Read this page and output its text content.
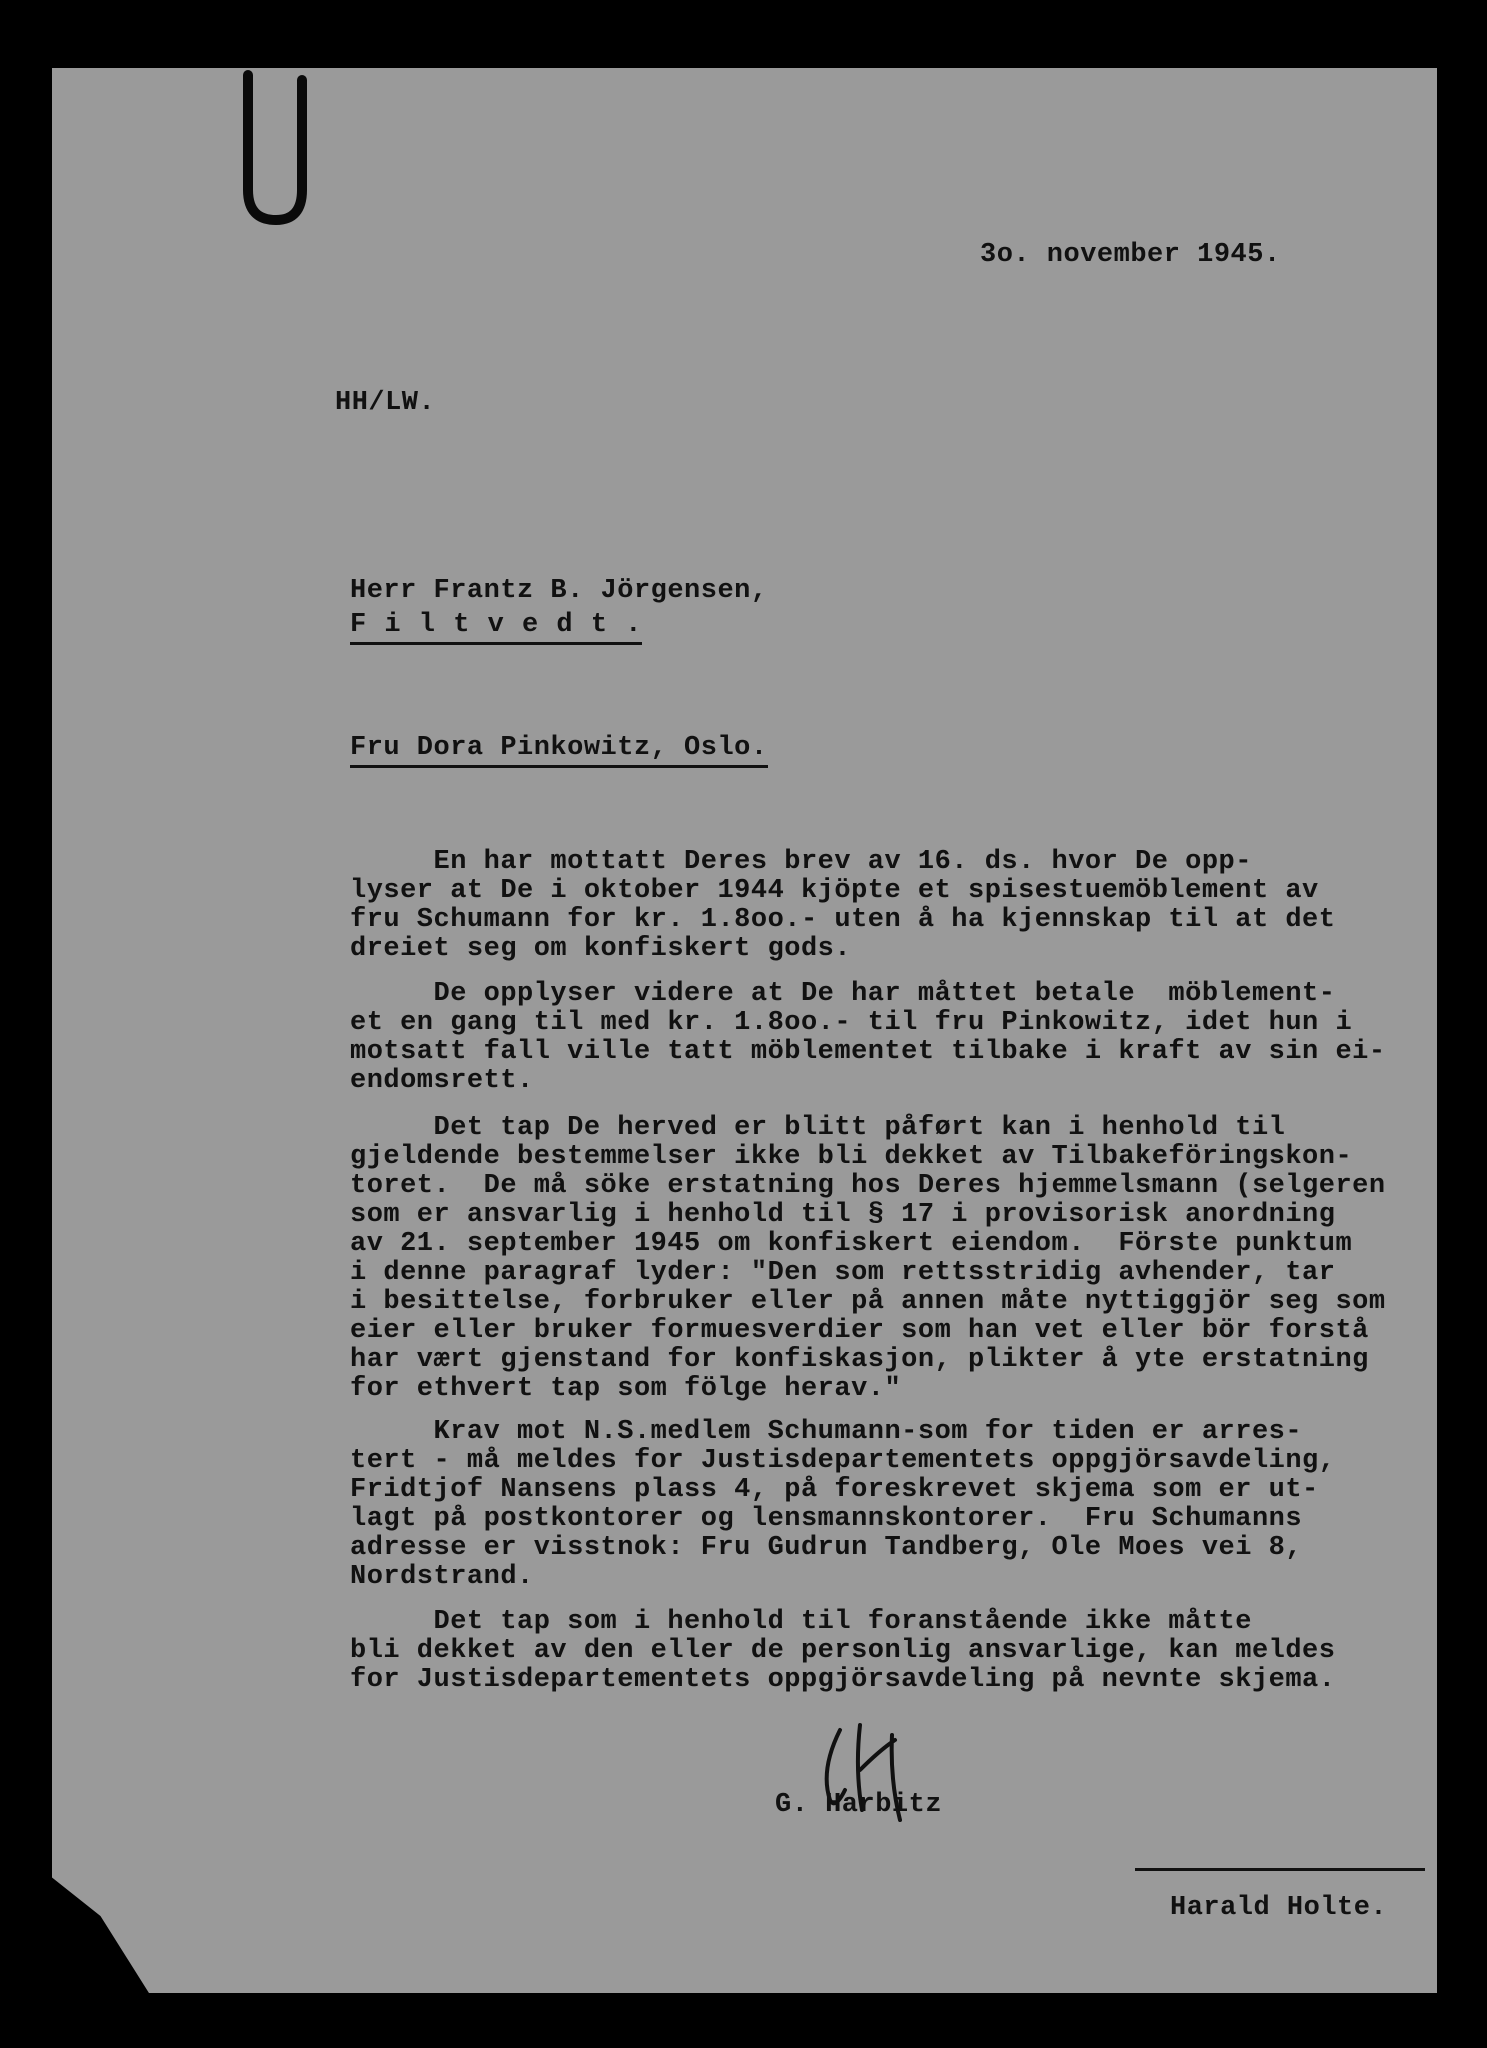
3o. november 1945.
HH/LW.
Herr Frantz B. Jörgensen,
F i l t v e d t .
Fru Dora Pinkowitz, Oslo.
En har mottatt Deres brev av 16. ds. hvor De opp-
lyser at De i oktober 1944 kjöpte et spisestuemöblement av
fru Schumann for kr. 1.8oo.- uten å ha kjennskap til at det
dreiet seg om konfiskert gods.
De opplyser videre at De har måttet betale  möblement-
et en gang til med kr. 1.8oo.- til fru Pinkowitz, idet hun i
motsatt fall ville tatt möblementet tilbake i kraft av sin ei-
endomsrett.
Det tap De herved er blitt påført kan i henhold til
gjeldende bestemmelser ikke bli dekket av Tilbakeföringskon-
toret.  De må söke erstatning hos Deres hjemmelsmann (selgeren
som er ansvarlig i henhold til § 17 i provisorisk anordning
av 21. september 1945 om konfiskert eiendom.  Förste punktum
i denne paragraf lyder: "Den som rettsstridig avhender, tar
i besittelse, forbruker eller på annen måte nyttiggjör seg som
eier eller bruker formuesverdier som han vet eller bör forstå
har vært gjenstand for konfiskasjon, plikter å yte erstatning
for ethvert tap som fölge herav."
Krav mot N.S.medlem Schumann-som for tiden er arres-
tert - må meldes for Justisdepartementets oppgjörsavdeling,
Fridtjof Nansens plass 4, på foreskrevet skjema som er ut-
lagt på postkontorer og lensmannskontorer.  Fru Schumanns
adresse er visstnok: Fru Gudrun Tandberg, Ole Moes vei 8,
Nordstrand.
Det tap som i henhold til foranstående ikke måtte
bli dekket av den eller de personlig ansvarlige, kan meldes
for Justisdepartementets oppgjörsavdeling på nevnte skjema.
G. Harbitz
Harald Holte.
